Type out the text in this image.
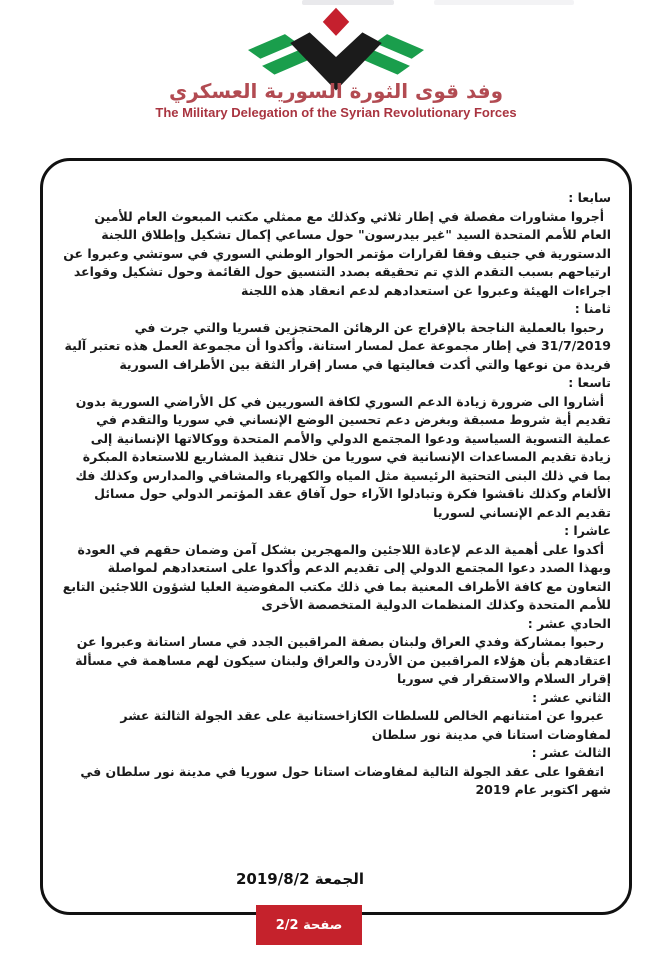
وفد قوى الثورة السورية العسكري
The Military Delegation of the Syrian Revolutionary Forces
سابعا :
أجروا مشاورات مفصلة في إطار ثلاثي وكذلك مع ممثلي مكتب المبعوث العام للأمين العام للأمم المتحدة السيد "غير بيدرسون" حول مساعي إكمال تشكيل وإطلاق اللجنة الدستورية في جنيف وفقا لقرارات مؤتمر الحوار الوطني السوري في سوتشي وعبروا عن ارتياحهم بسبب التقدم الذي تم تحقيقه بصدد التنسيق حول القائمة وحول تشكيل وقواعد اجراءات الهيئة وعبروا عن استعدادهم لدعم انعقاد هذه اللجنة
ثامنا :
رحبوا بالعملية الناجحة بالإفراج عن الرهائن المحتجزين قسريا والتي جرت في 31/7/2019 في إطار مجموعة عمل لمسار استانة. وأكدوا أن مجموعة العمل هذه تعتبر آلية فريدة من نوعها والتي أكدت فعاليتها في مسار إقرار الثقة بين الأطراف السورية
تاسعا :
أشاروا الى ضرورة زيادة الدعم السوري لكافة السوريين في كل الأراضي السورية بدون تقديم أية شروط مسبقة وبغرض دعم تحسين الوضع الإنساني في سوريا والتقدم في عملية التسوية السياسية ودعوا المجتمع الدولي والأمم المتحدة ووكالاتها الإنسانية إلى زيادة تقديم المساعدات الإنسانية في سوريا من خلال تنفيذ المشاريع للاستعادة المبكرة بما في ذلك البنى التحتية الرئيسية مثل المياه والكهرباء والمشافي والمدارس وكذلك فك الألغام وكذلك ناقشوا فكرة وتبادلوا الآراء حول آفاق عقد المؤتمر الدولي حول مسائل تقديم الدعم الإنساني لسوريا
عاشرا :
أكدوا على أهمية الدعم لإعادة اللاجئين والمهجرين بشكل آمن وضمان حقهم في العودة وبهذا الصدد دعوا المجتمع الدولي إلى تقديم الدعم وأكدوا على استعدادهم لمواصلة التعاون مع كافة الأطراف المعنية بما في ذلك مكتب المفوضية العليا لشؤون اللاجئين التابع للأمم المتحدة وكذلك المنظمات الدولية المتخصصة الأخرى
الحادي عشر :
رحبوا بمشاركة وفدي العراق ولبنان بصفة المراقبين الجدد في مسار استانة وعبروا عن اعتقادهم بأن هؤلاء المراقبين من الأردن والعراق ولبنان سيكون لهم مساهمة في مسألة إقرار السلام والاستقرار في سوريا
الثاني عشر :
عبروا عن امتنانهم الخالص للسلطات الكازاخستانية على عقد الجولة الثالثة عشر لمفاوضات استانا في مدينة نور سلطان
الثالث عشر :
اتفقوا على عقد الجولة التالية لمفاوضات استانا حول سوريا في مدينة نور سلطان في شهر اكتوبر عام 2019
الجمعة 2019/8/2
صفحة 2/2
